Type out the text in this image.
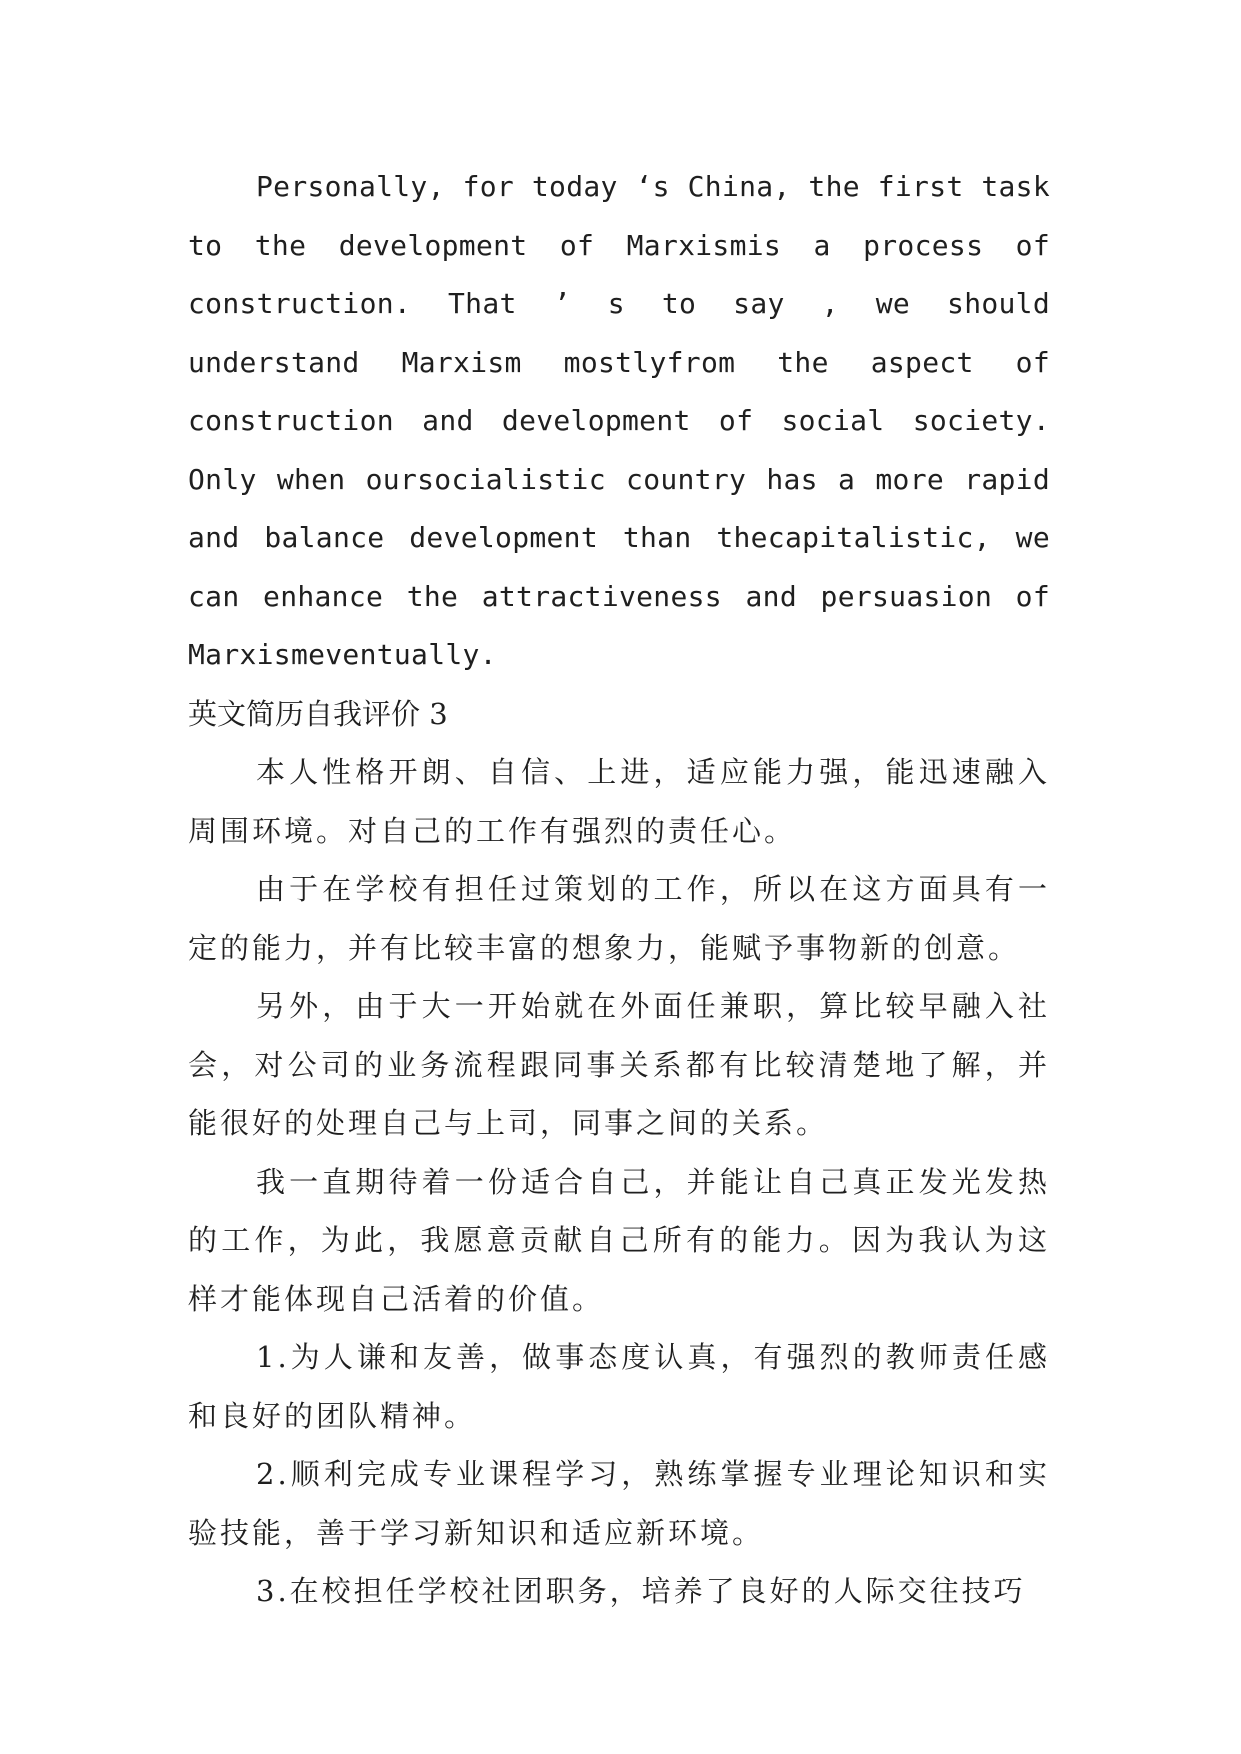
Personally, for today ‘s China, the first task to the development of Marxismis a process of construction. That ’ s to say , we should understand Marxism mostlyfrom the aspect of construction and development of social society. Only when oursocialistic country has a more rapid and balance development than thecapitalistic, we can enhance the attractiveness and persuasion of Marxismeventually.

英文简历自我评价 3

本人性格开朗、自信、上进，适应能力强，能迅速融入周围环境。对自己的工作有强烈的责任心。

由于在学校有担任过策划的工作，所以在这方面具有一定的能力，并有比较丰富的想象力，能赋予事物新的创意。

另外，由于大一开始就在外面任兼职，算比较早融入社会，对公司的业务流程跟同事关系都有比较清楚地了解，并能很好的处理自己与上司，同事之间的关系。

我一直期待着一份适合自己，并能让自己真正发光发热的工作，为此，我愿意贡献自己所有的能力。因为我认为这样才能体现自己活着的价值。

1.为人谦和友善，做事态度认真，有强烈的教师责任感和良好的团队精神。

2.顺利完成专业课程学习，熟练掌握专业理论知识和实验技能，善于学习新知识和适应新环境。

3.在校担任学校社团职务，培养了良好的人际交往技巧
